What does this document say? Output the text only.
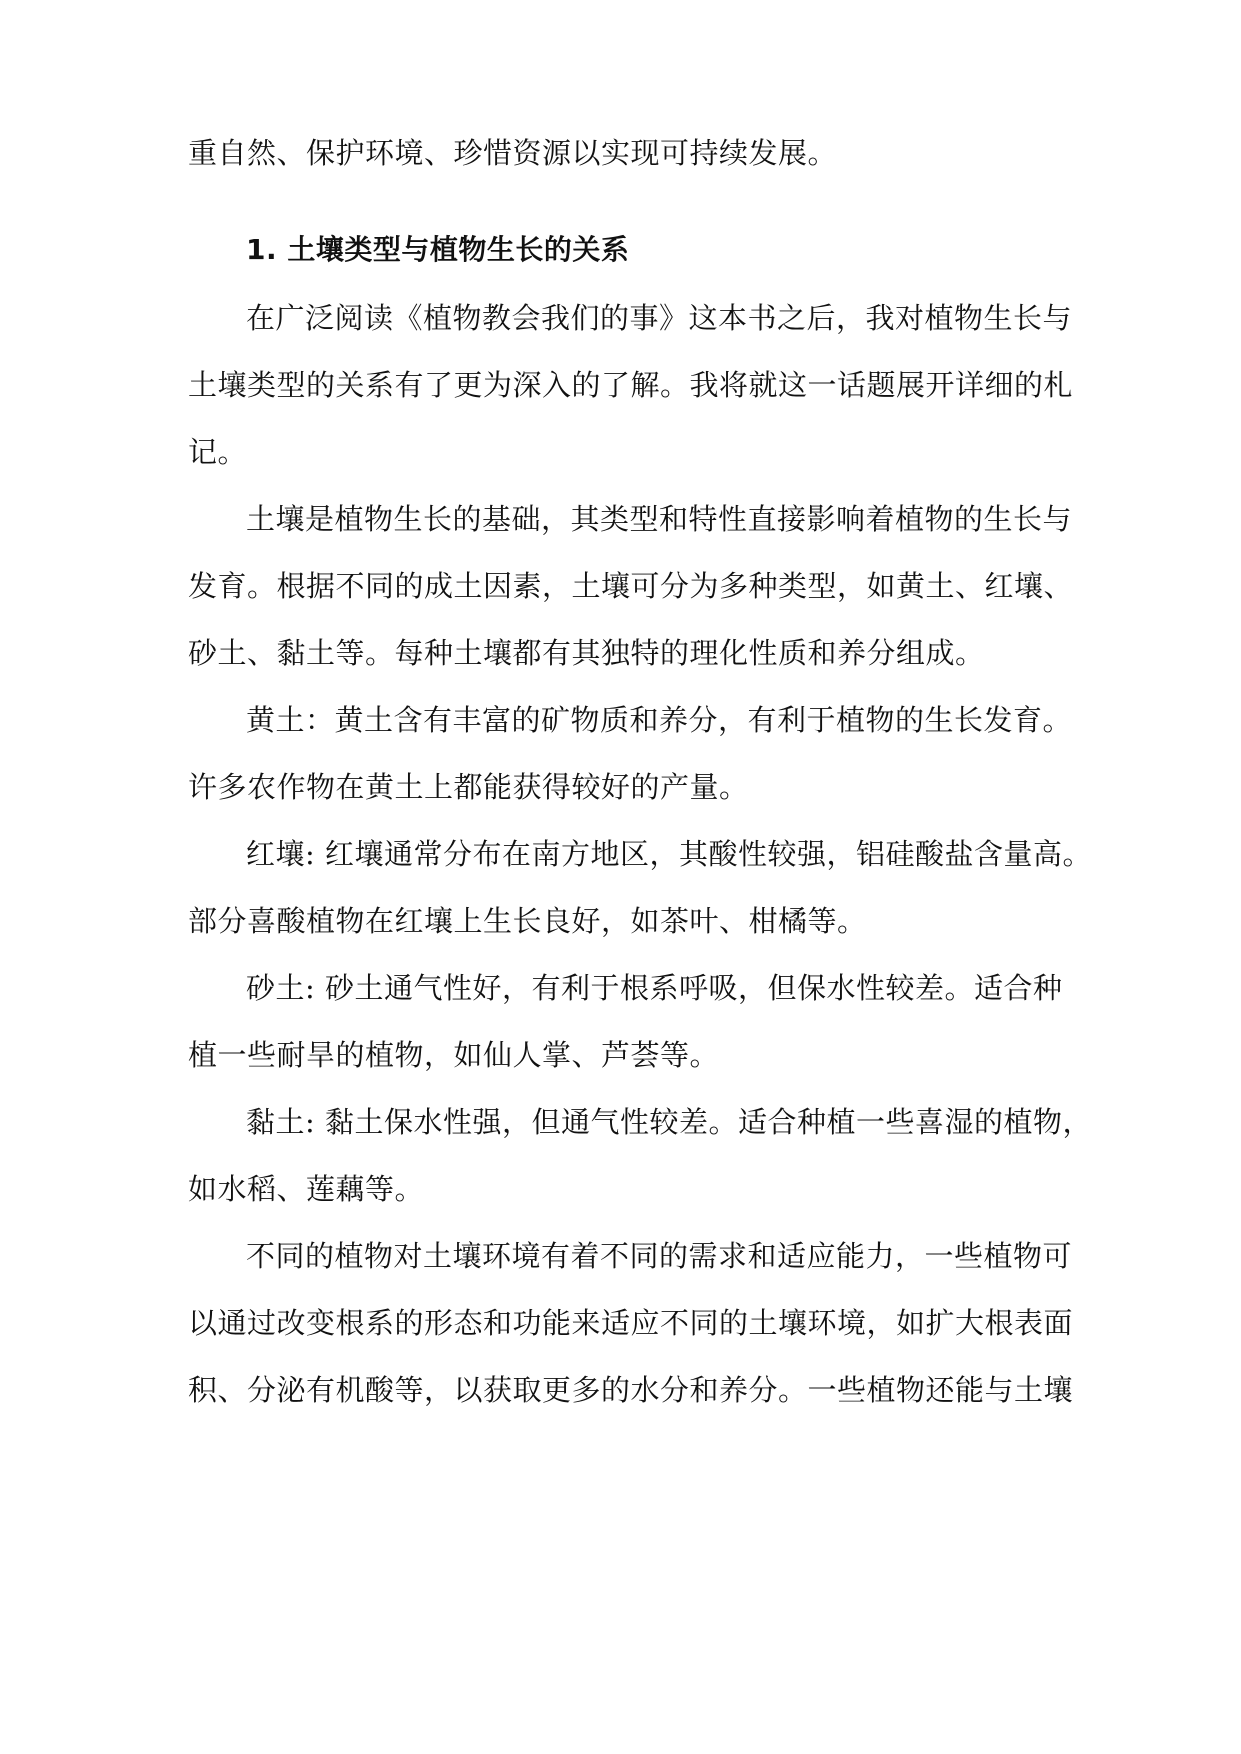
重自然、保护环境、珍惜资源以实现可持续发展。
1. 土壤类型与植物生长的关系
在广泛阅读《植物教会我们的事》这本书之后，我对植物生长与
土壤类型的关系有了更为深入的了解。我将就这一话题展开详细的札
记。
土壤是植物生长的基础，其类型和特性直接影响着植物的生长与
发育。根据不同的成土因素，土壤可分为多种类型，如黄土、红壤、
砂土、黏土等。每种土壤都有其独特的理化性质和养分组成。
黄土：黄土含有丰富的矿物质和养分，有利于植物的生长发育。
许多农作物在黄土上都能获得较好的产量。
红壤: 红壤通常分布在南方地区，其酸性较强，铝硅酸盐含量高。
部分喜酸植物在红壤上生长良好，如茶叶、柑橘等。
砂土: 砂土通气性好，有利于根系呼吸，但保水性较差。适合种
植一些耐旱的植物，如仙人掌、芦荟等。
黏土: 黏土保水性强，但通气性较差。适合种植一些喜湿的植物，
如水稻、莲藕等。
不同的植物对土壤环境有着不同的需求和适应能力，一些植物可
以通过改变根系的形态和功能来适应不同的土壤环境，如扩大根表面
积、分泌有机酸等，以获取更多的水分和养分。一些植物还能与土壤
